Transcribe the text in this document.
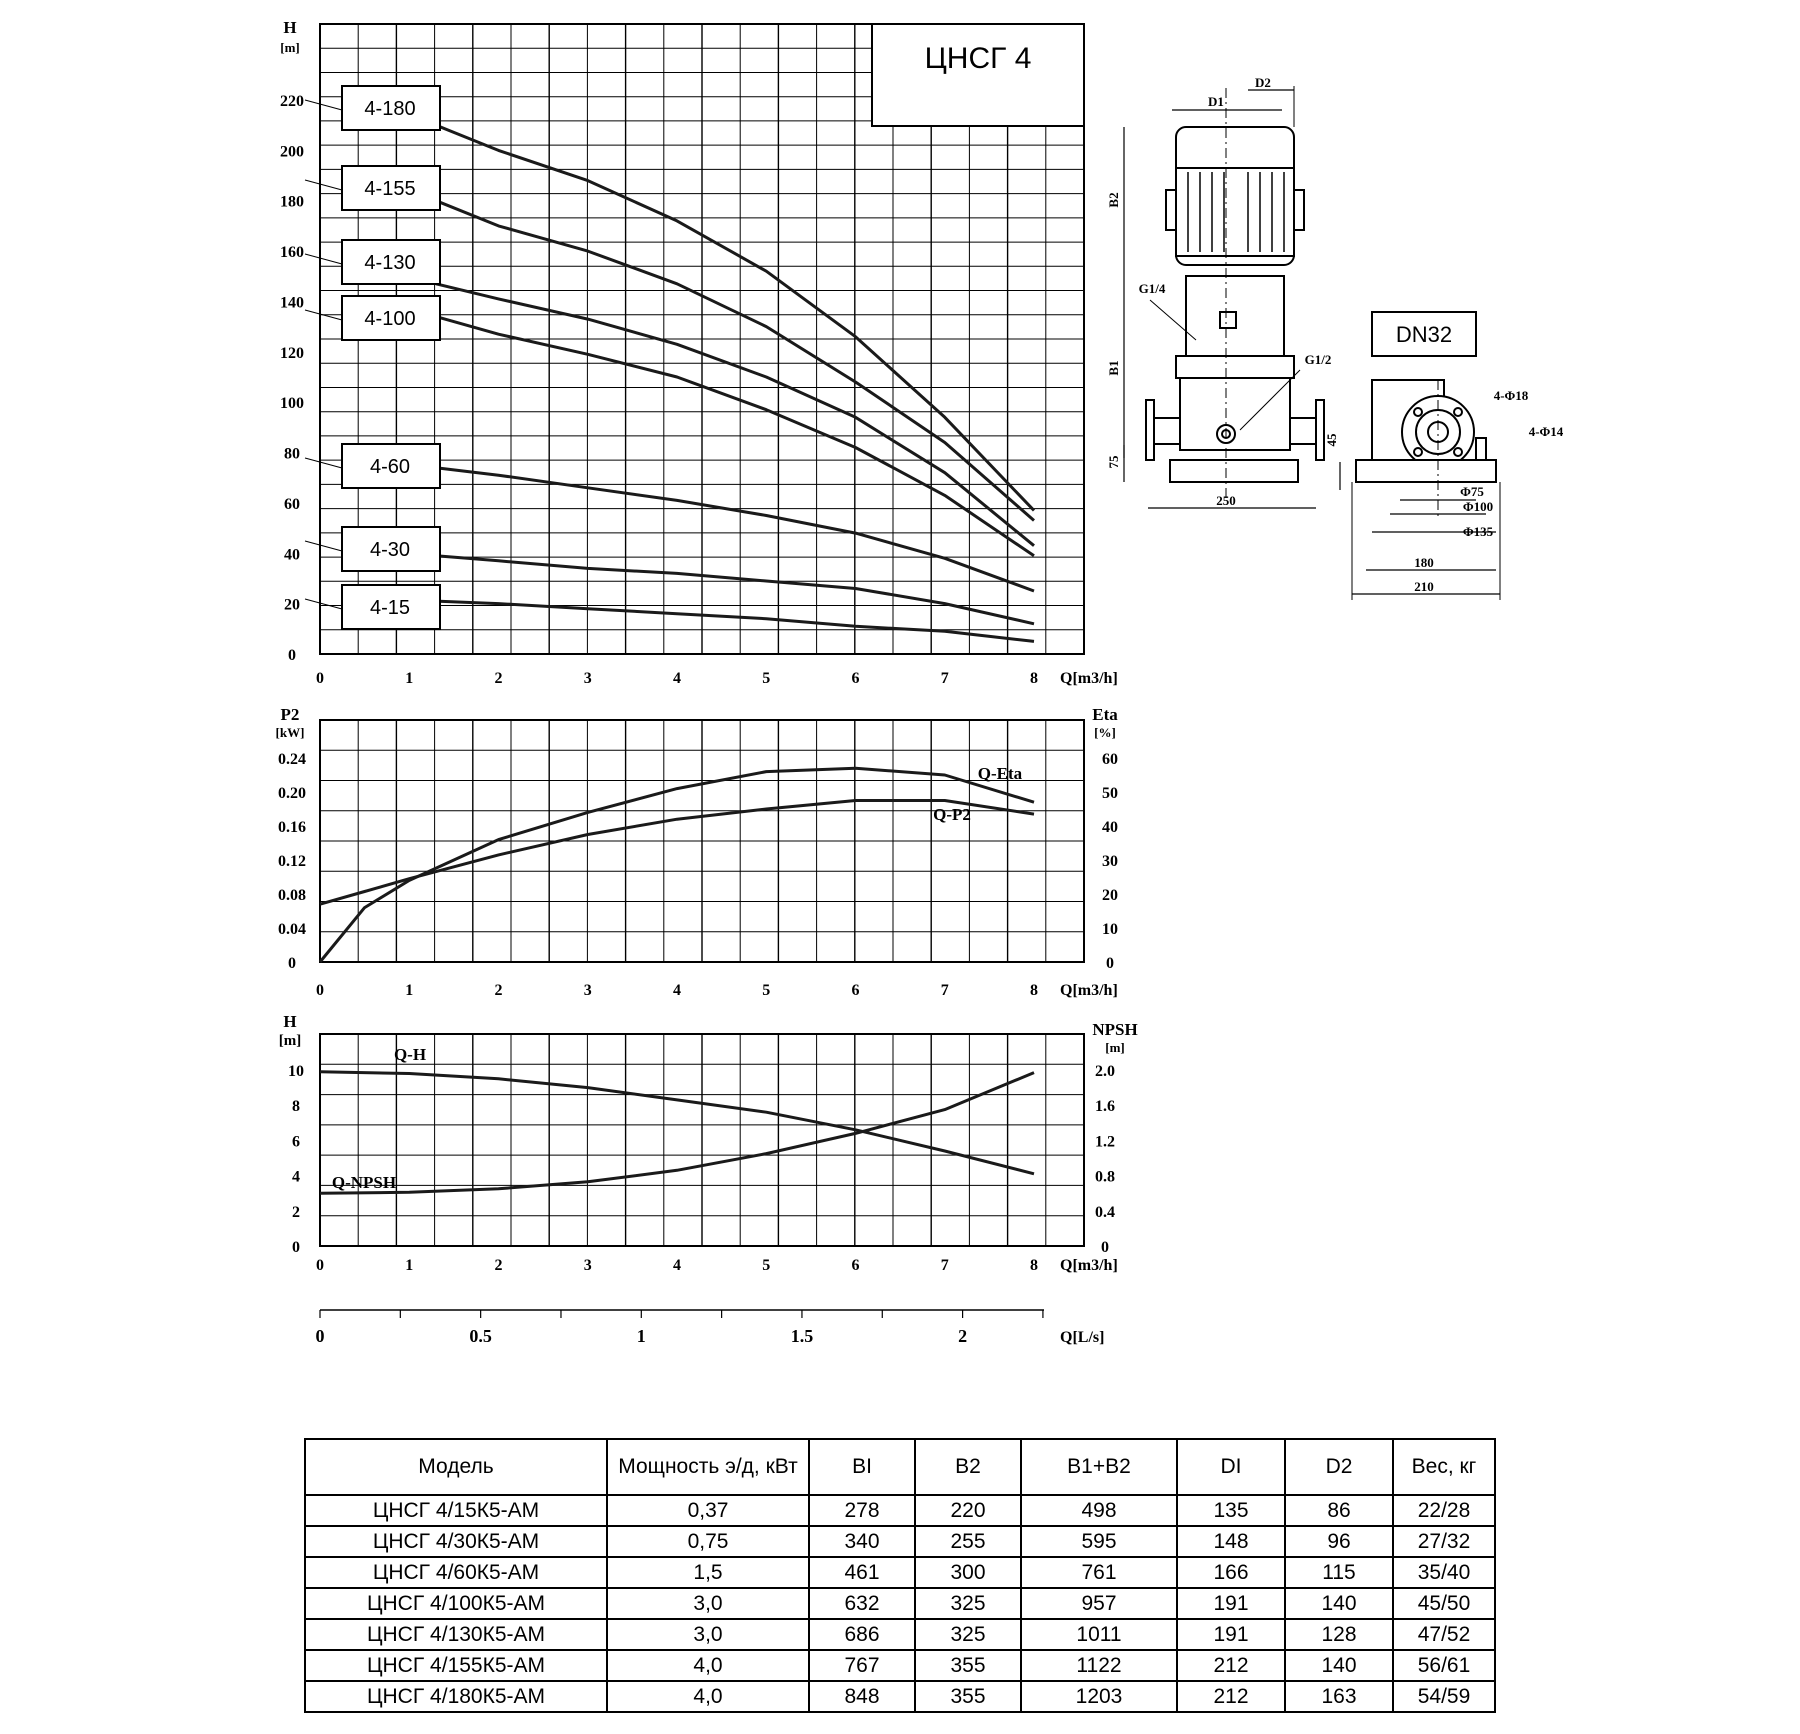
ЦНСГ 4
H
[m]
0
20
40
60
80
100
120
140
160
180
200
220
0	1	2	3	4	5	6	7	8 Q[m3/h]
4-180
4-155
4-130
4-100
4-60
4-30
4-15
P2
[kW]
Eta
[%]
0
0.04
0.08
0.12
0.16
0.20
0.24
0
10
20
30
40
50
60
0	1	2	3	4	5	6	7	8 Q[m3/h]
Q-Eta
Q-P2
H
[m]
NPSH
[m]
0
2
4
6
8
10
0
0.4
0.8
1.2
1.6
2.0
0	1	2	3	4	5	6	7	8 Q[m3/h]
Q-H
Q-NPSH
0	0.5	1	1.5	2	Q[L/s]
D2
D1
B2
G1/4
B1
G1/2
75
250
DN32
4-Φ18
4-Φ14
45
Φ75
Φ100
Φ135
180
210
Модель	Мощность э/д, кВт	BI	B2	B1+B2	DI	D2	Вес, кг
ЦНСГ 4/15К5-АМ	0,37	278	220	498	135	86	22/28
ЦНСГ 4/30К5-АМ	0,75	340	255	595	148	96	27/32
ЦНСГ 4/60К5-АМ	1,5	461	300	761	166	115	35/40
ЦНСГ 4/100К5-АМ	3,0	632	325	957	191	140	45/50
ЦНСГ 4/130К5-АМ	3,0	686	325	1011	191	128	47/52
ЦНСГ 4/155К5-АМ	4,0	767	355	1122	212	140	56/61
ЦНСГ 4/180К5-АМ	4,0	848	355	1203	212	163	54/59
